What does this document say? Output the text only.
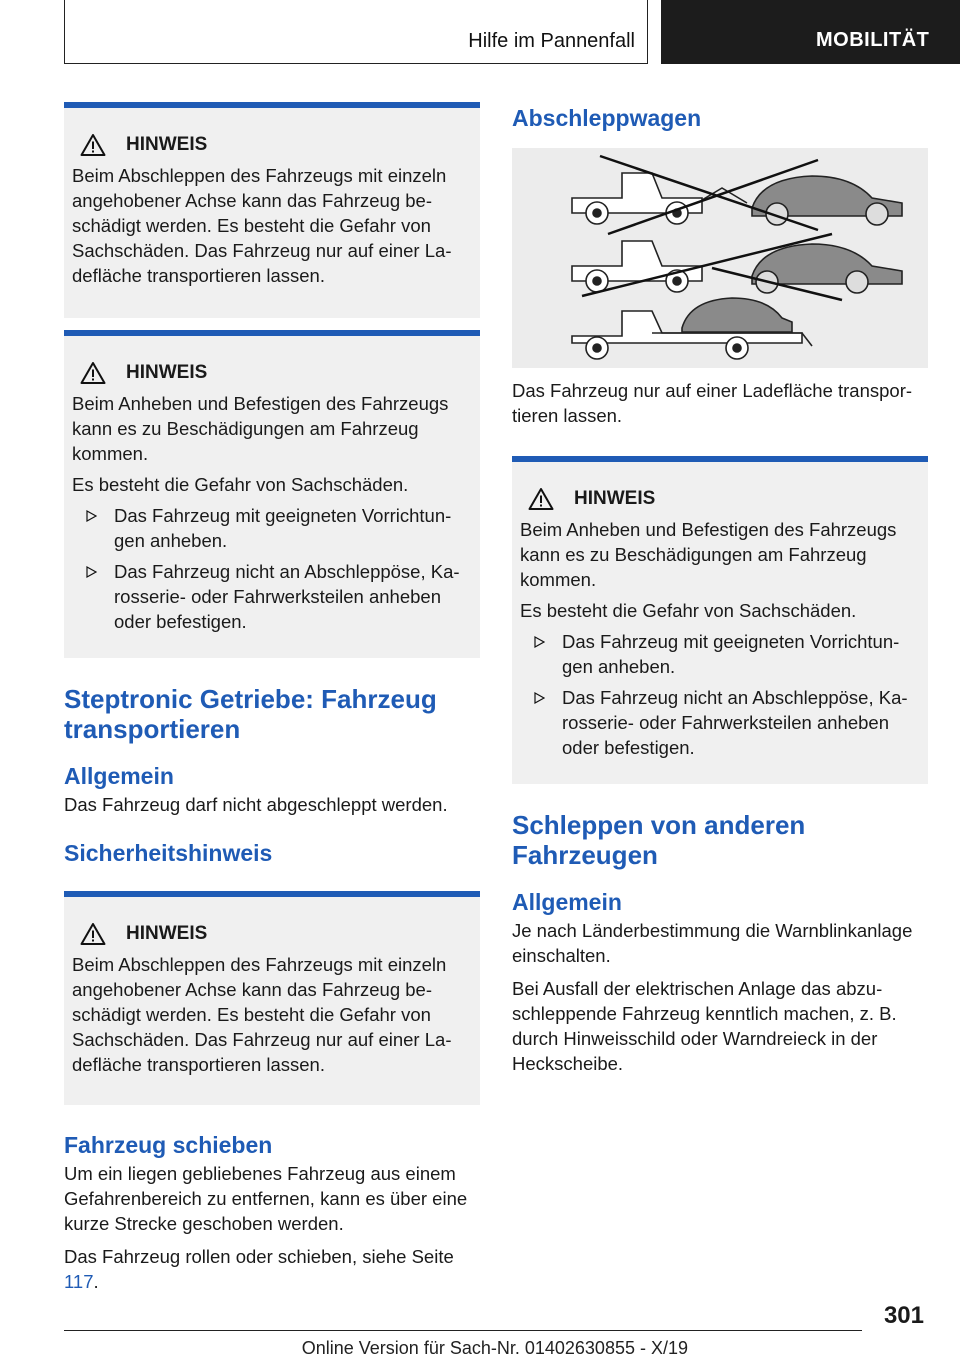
Hilfe im Pannenfall	MOBILITÄT
HINWEIS

Beim Abschleppen des Fahrzeugs mit einzeln angehobener Achse kann das Fahrzeug beschädigt werden. Es besteht die Gefahr von Sachschäden. Das Fahrzeug nur auf einer Ladefläche transportieren lassen.

HINWEIS

Beim Anheben und Befestigen des Fahrzeugs kann es zu Beschädigungen am Fahrzeug kommen.

Es besteht die Gefahr von Sachschäden.

Das Fahrzeug mit geeigneten Vorrichtungen anheben.
Das Fahrzeug nicht an Abschleppöse, Karosserie- oder Fahrwerksteilen anheben oder befestigen.
Steptronic Getriebe: Fahrzeug transportieren
Allgemein

Das Fahrzeug darf nicht abgeschleppt werden.

Sicherheitshinweis
HINWEIS

Beim Abschleppen des Fahrzeugs mit einzeln angehobener Achse kann das Fahrzeug beschädigt werden. Es besteht die Gefahr von Sachschäden. Das Fahrzeug nur auf einer Ladefläche transportieren lassen.

Fahrzeug schieben

Um ein liegen gebliebenes Fahrzeug aus einem Gefahrenbereich zu entfernen, kann es über eine kurze Strecke geschoben werden.

Das Fahrzeug rollen oder schieben, siehe Seite 117.

Abschleppwagen

Das Fahrzeug nur auf einer Ladefläche transportieren lassen.

HINWEIS

Beim Anheben und Befestigen des Fahrzeugs kann es zu Beschädigungen am Fahrzeug kommen.

Es besteht die Gefahr von Sachschäden.

Das Fahrzeug mit geeigneten Vorrichtungen anheben.
Das Fahrzeug nicht an Abschleppöse, Karosserie- oder Fahrwerksteilen anheben oder befestigen.
Schleppen von anderen Fahrzeugen
Allgemein

Je nach Länderbestimmung die Warnblinkanlage einschalten.

Bei Ausfall der elektrischen Anlage das abzuschleppende Fahrzeug kenntlich machen, z. B. durch Hinweisschild oder Warndreieck in der Heckscheibe.

301
Online Version für Sach-Nr. 01402630855 - X/19
